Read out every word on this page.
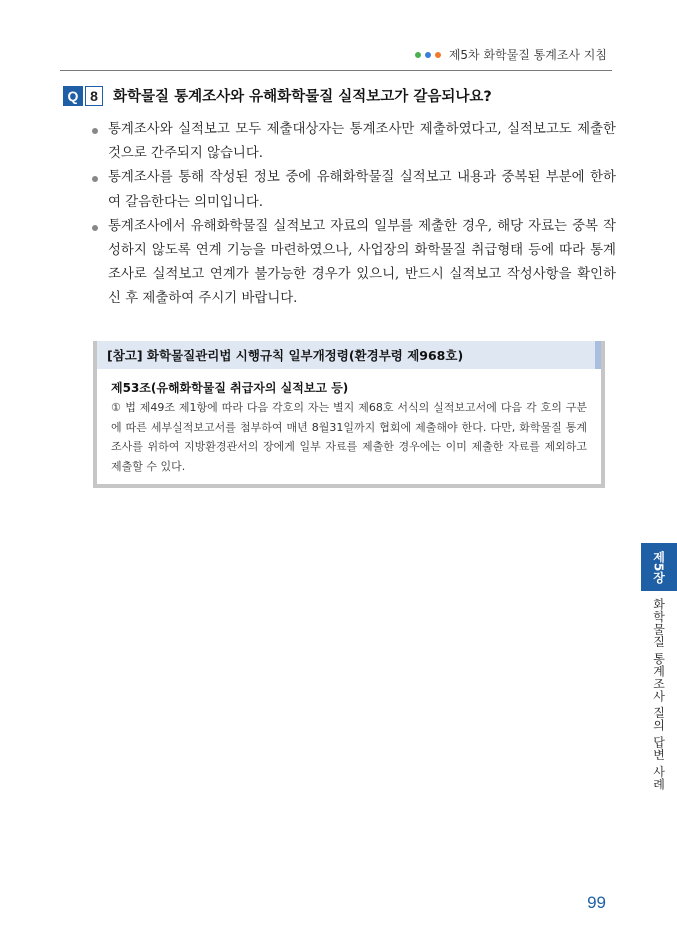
제5차 화학물질 통계조사 지침
Q 8	화학물질 통계조사와 유해화학물질 실적보고가 갈음되나요?
통계조사와 실적보고 모두 제출대상자는 통계조사만 제출하였다고, 실적보고도 제출한 것으로 간주되지 않습니다.
통계조사를 통해 작성된 정보 중에 유해화학물질 실적보고 내용과 중복된 부분에 한하여 갈음한다는 의미입니다.
통계조사에서 유해화학물질 실적보고 자료의 일부를 제출한 경우, 해당 자료는 중복 작성하지 않도록 연계 기능을 마련하였으나, 사업장의 화학물질 취급형태 등에 따라 통계조사로 실적보고 연계가 불가능한 경우가 있으니, 반드시 실적보고 작성사항을 확인하신 후 제출하여 주시기 바랍니다.
[참고] 화학물질관리법 시행규칙 일부개정령(환경부령 제968호)
제53조(유해화학물질 취급자의 실적보고 등)
① 법 제49조 제1항에 따라 다음 각호의 자는 별지 제68호 서식의 실적보고서에 다음 각 호의 구분에 따른 세부실적보고서를 첨부하여 매년 8월31일까지 협회에 제출해야 한다. 다만, 화학물질 통계조사를 위하여 지방환경관서의 장에게 일부 자료를 제출한 경우에는 이미 제출한 자료를 제외하고 제출할 수 있다.
제5장
화학물질 통계조사 질의 답변 사례
99
